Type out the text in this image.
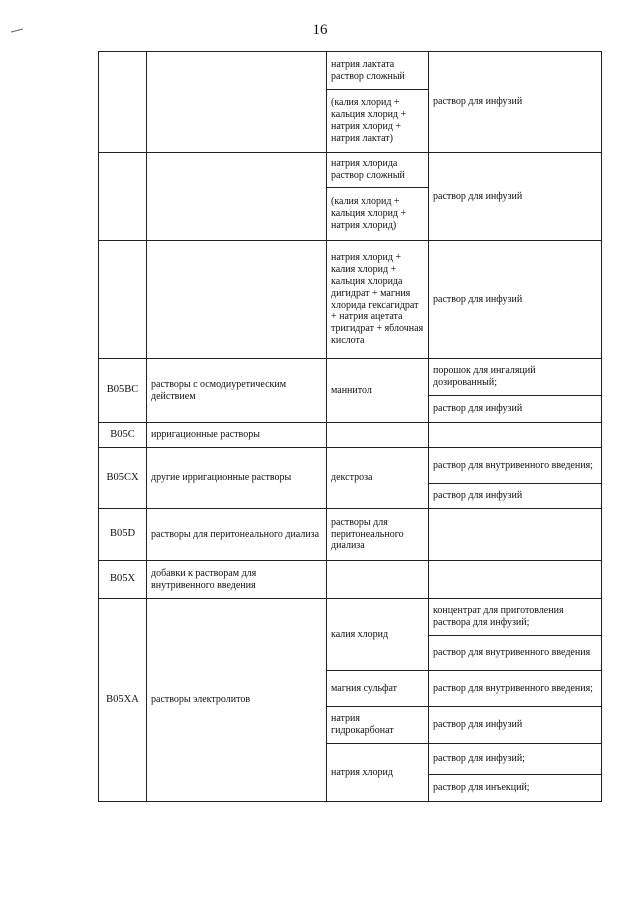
16
		натрия лактата раствор сложный	раствор для инфузий
		(калия хлорид + кальция хлорид + натрия хлорид + натрия лактат)	
		натрия хлорида раствор сложный	раствор для инфузий
		(калия хлорид + кальция хлорид + натрия хлорид)	
		натрия хлорид + калия хлорид + кальция хлорида дигидрат + магния хлорида гексагидрат + натрия ацетата тригидрат + яблочная кислота	раствор для инфузий
B05BC	растворы с осмодиуретическим действием	маннитол	порошок для ингаляций дозированный;
			раствор для инфузий
B05C	ирригационные растворы		
B05CX	другие ирригационные растворы	декстроза	раствор для внутривенного введения;
			раствор для инфузий
B05D	растворы для перитонеального диализа	растворы для перитонеального диализа	
B05X	добавки к растворам для внутривенного введения		
B05XA	растворы электролитов	калия хлорид	концентрат для приготовления раствора для инфузий;
			раствор для внутривенного введения
		магния сульфат	раствор для внутривенного введения;
		натрия гидрокарбонат	раствор для инфузий
		натрия хлорид	раствор для инфузий;
			раствор для инъекций;
